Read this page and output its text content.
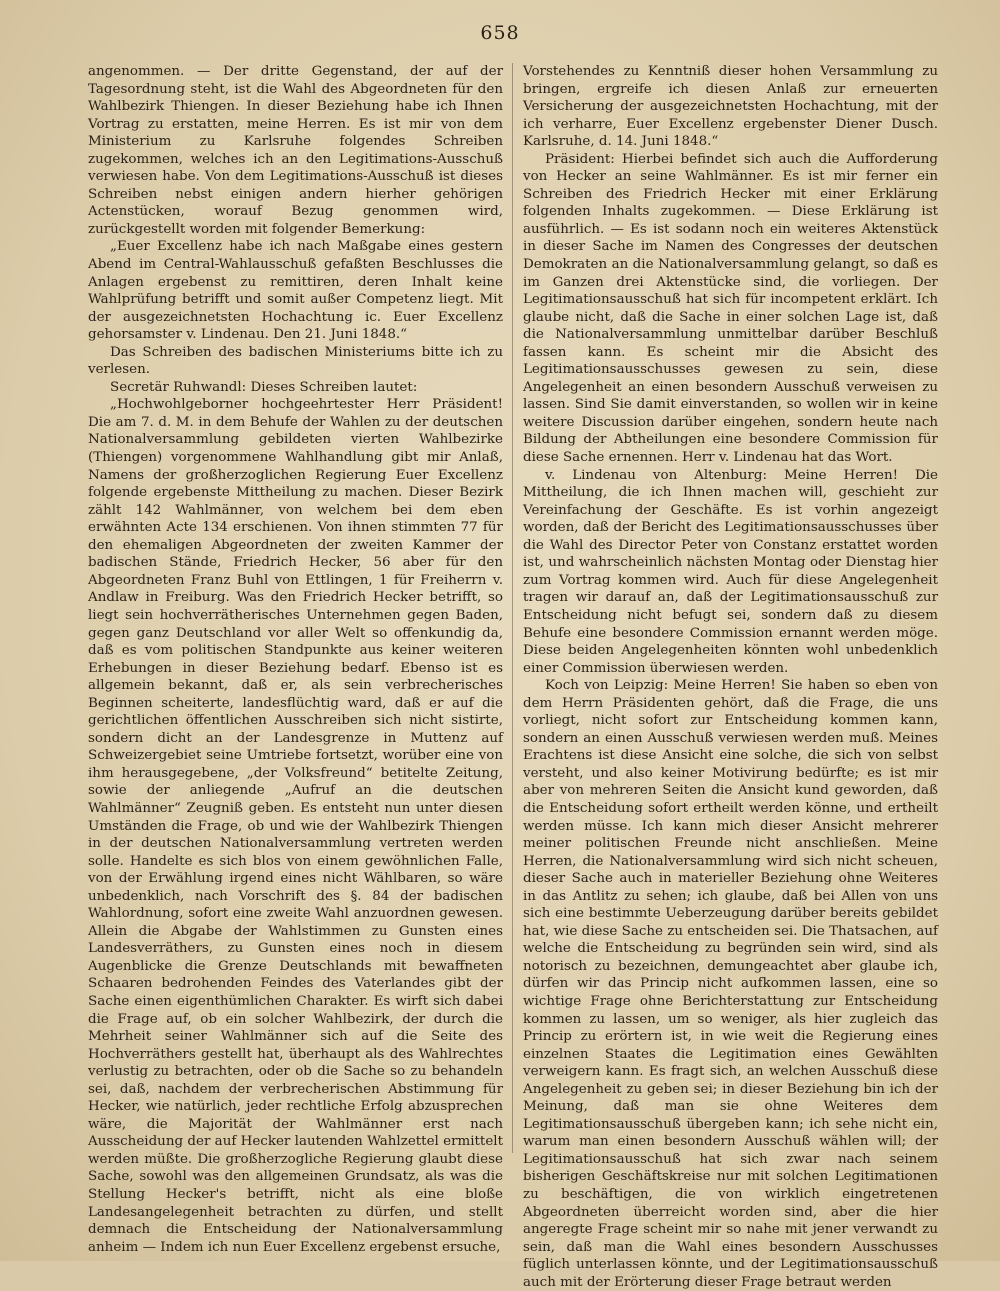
658

angenommen. — Der dritte Gegenstand, der auf der Tagesordnung steht, ist die Wahl des Abgeordneten für den Wahlbezirk Thiengen. In dieser Beziehung habe ich Ihnen Vortrag zu erstatten, meine Herren. Es ist mir von dem Ministerium zu Karlsruhe folgendes Schreiben zugekommen, welches ich an den Legitimations-Ausschuß verwiesen habe. Von dem Legitimations-Ausschuß ist dieses Schreiben nebst einigen andern hierher gehörigen Actenstücken, worauf Bezug genommen wird, zurückgestellt worden mit folgender Bemerkung:

„Euer Excellenz habe ich nach Maßgabe eines gestern Abend im Central-Wahlausschuß gefaßten Beschlusses die Anlagen ergebenst zu remittiren, deren Inhalt keine Wahlprüfung betrifft und somit außer Competenz liegt. Mit der ausgezeichnetsten Hochachtung ic. Euer Excellenz gehorsamster v. Lindenau. Den 21. Juni 1848.“

Das Schreiben des badischen Ministeriums bitte ich zu verlesen.

Secretär Ruhwandl: Dieses Schreiben lautet:

„Hochwohlgeborner hochgeehrtester Herr Präsident! Die am 7. d. M. in dem Behufe der Wahlen zu der deutschen Nationalversammlung gebildeten vierten Wahlbezirke (Thiengen) vorgenommene Wahlhandlung gibt mir Anlaß, Namens der großherzoglichen Regierung Euer Excellenz folgende ergebenste Mittheilung zu machen. Dieser Bezirk zählt 142 Wahlmänner, von welchem bei dem eben erwähnten Acte 134 erschienen. Von ihnen stimmten 77 für den ehemaligen Abgeordneten der zweiten Kammer der badischen Stände, Friedrich Hecker, 56 aber für den Abgeordneten Franz Buhl von Ettlingen, 1 für Freiherrn v. Andlaw in Freiburg. Was den Friedrich Hecker betrifft, so liegt sein hochverrätherisches Unternehmen gegen Baden, gegen ganz Deutschland vor aller Welt so offenkundig da, daß es vom politischen Standpunkte aus keiner weiteren Erhebungen in dieser Beziehung bedarf. Ebenso ist es allgemein bekannt, daß er, als sein verbrecherisches Beginnen scheiterte, landesflüchtig ward, daß er auf die gerichtlichen öffentlichen Ausschreiben sich nicht sistirte, sondern dicht an der Landesgrenze in Muttenz auf Schweizergebiet seine Umtriebe fortsetzt, worüber eine von ihm herausgegebene, „der Volksfreund“ betitelte Zeitung, sowie der anliegende „Aufruf an die deutschen Wahlmänner“ Zeugniß geben. Es entsteht nun unter diesen Umständen die Frage, ob und wie der Wahlbezirk Thiengen in der deutschen Nationalversammlung vertreten werden solle. Handelte es sich blos von einem gewöhnlichen Falle, von der Erwählung irgend eines nicht Wählbaren, so wäre unbedenklich, nach Vorschrift des §. 84 der badischen Wahlordnung, sofort eine zweite Wahl anzuordnen gewesen. Allein die Abgabe der Wahlstimmen zu Gunsten eines Landesverräthers, zu Gunsten eines noch in diesem Augenblicke die Grenze Deutschlands mit bewaffneten Schaaren bedrohenden Feindes des Vaterlandes gibt der Sache einen eigenthümlichen Charakter. Es wirft sich dabei die Frage auf, ob ein solcher Wahlbezirk, der durch die Mehrheit seiner Wahlmänner sich auf die Seite des Hochverräthers gestellt hat, überhaupt als des Wahlrechtes verlustig zu betrachten, oder ob die Sache so zu behandeln sei, daß, nachdem der verbrecherischen Abstimmung für Hecker, wie natürlich, jeder rechtliche Erfolg abzusprechen wäre, die Majorität der Wahlmänner erst nach Ausscheidung der auf Hecker lautenden Wahlzettel ermittelt werden müßte. Die großherzogliche Regierung glaubt diese Sache, sowohl was den allgemeinen Grundsatz, als was die Stellung Hecker's betrifft, nicht als eine bloße Landesangelegenheit betrachten zu dürfen, und stellt demnach die Entscheidung der Nationalversammlung anheim — Indem ich nun Euer Excellenz ergebenst ersuche,

Vorstehendes zu Kenntniß dieser hohen Versammlung zu bringen, ergreife ich diesen Anlaß zur erneuerten Versicherung der ausgezeichnetsten Hochachtung, mit der ich verharre, Euer Excellenz ergebenster Diener Dusch. Karlsruhe, d. 14. Juni 1848.“

Präsident: Hierbei befindet sich auch die Aufforderung von Hecker an seine Wahlmänner. Es ist mir ferner ein Schreiben des Friedrich Hecker mit einer Erklärung folgenden Inhalts zugekommen. — Diese Erklärung ist ausführlich. — Es ist sodann noch ein weiteres Aktenstück in dieser Sache im Namen des Congresses der deutschen Demokraten an die Nationalversammlung gelangt, so daß es im Ganzen drei Aktenstücke sind, die vorliegen. Der Legitimationsausschuß hat sich für incompetent erklärt. Ich glaube nicht, daß die Sache in einer solchen Lage ist, daß die Nationalversammlung unmittelbar darüber Beschluß fassen kann. Es scheint mir die Absicht des Legitimationsausschusses gewesen zu sein, diese Angelegenheit an einen besondern Ausschuß verweisen zu lassen. Sind Sie damit einverstanden, so wollen wir in keine weitere Discussion darüber eingehen, sondern heute nach Bildung der Abtheilungen eine besondere Commission für diese Sache ernennen. Herr v. Lindenau hat das Wort.

v. Lindenau von Altenburg: Meine Herren! Die Mittheilung, die ich Ihnen machen will, geschieht zur Vereinfachung der Geschäfte. Es ist vorhin angezeigt worden, daß der Bericht des Legitimationsausschusses über die Wahl des Director Peter von Constanz erstattet worden ist, und wahrscheinlich nächsten Montag oder Dienstag hier zum Vortrag kommen wird. Auch für diese Angelegenheit tragen wir darauf an, daß der Legitimationsausschuß zur Entscheidung nicht befugt sei, sondern daß zu diesem Behufe eine besondere Commission ernannt werden möge. Diese beiden Angelegenheiten könnten wohl unbedenklich einer Commission überwiesen werden.

Koch von Leipzig: Meine Herren! Sie haben so eben von dem Herrn Präsidenten gehört, daß die Frage, die uns vorliegt, nicht sofort zur Entscheidung kommen kann, sondern an einen Ausschuß verwiesen werden muß. Meines Erachtens ist diese Ansicht eine solche, die sich von selbst versteht, und also keiner Motivirung bedürfte; es ist mir aber von mehreren Seiten die Ansicht kund geworden, daß die Entscheidung sofort ertheilt werden könne, und ertheilt werden müsse. Ich kann mich dieser Ansicht mehrerer meiner politischen Freunde nicht anschließen. Meine Herren, die Nationalversammlung wird sich nicht scheuen, dieser Sache auch in materieller Beziehung ohne Weiteres in das Antlitz zu sehen; ich glaube, daß bei Allen von uns sich eine bestimmte Ueberzeugung darüber bereits gebildet hat, wie diese Sache zu entscheiden sei. Die Thatsachen, auf welche die Entscheidung zu begründen sein wird, sind als notorisch zu bezeichnen, demungeachtet aber glaube ich, dürfen wir das Princip nicht aufkommen lassen, eine so wichtige Frage ohne Berichterstattung zur Entscheidung kommen zu lassen, um so weniger, als hier zugleich das Princip zu erörtern ist, in wie weit die Regierung eines einzelnen Staates die Legitimation eines Gewählten verweigern kann. Es fragt sich, an welchen Ausschuß diese Angelegenheit zu geben sei; in dieser Beziehung bin ich der Meinung, daß man sie ohne Weiteres dem Legitimationsausschuß übergeben kann; ich sehe nicht ein, warum man einen besondern Ausschuß wählen will; der Legitimationsausschuß hat sich zwar nach seinem bisherigen Geschäftskreise nur mit solchen Legitimationen zu beschäftigen, die von wirklich eingetretenen Abgeordneten überreicht worden sind, aber die hier angeregte Frage scheint mir so nahe mit jener verwandt zu sein, daß man die Wahl eines besondern Ausschusses füglich unterlassen könnte, und der Legitimationsausschuß auch mit der Erörterung dieser Frage betraut werden
